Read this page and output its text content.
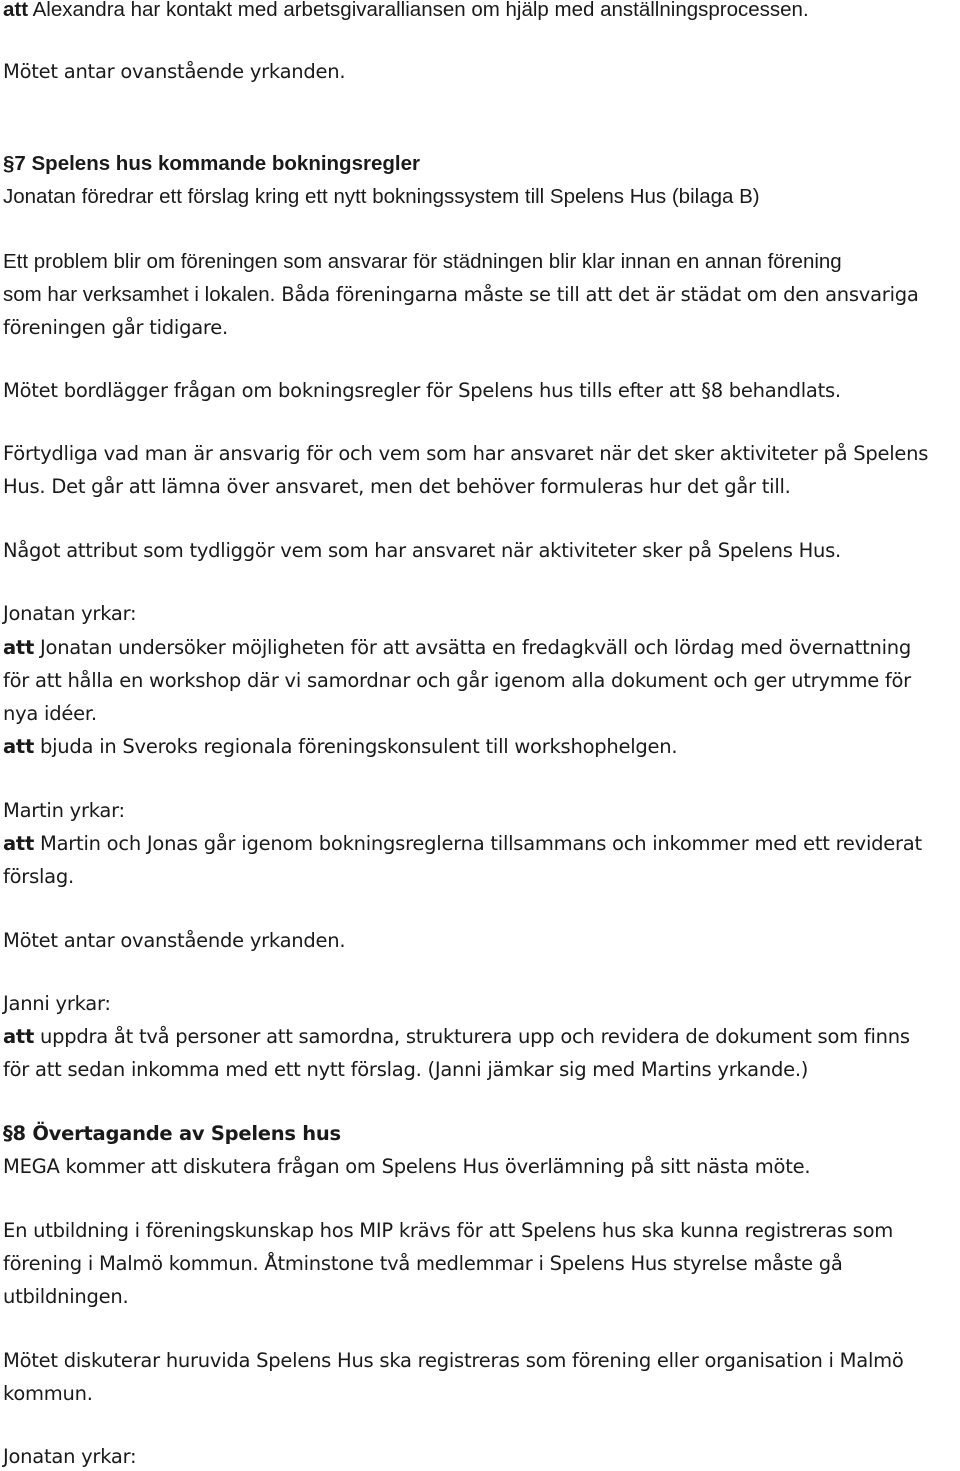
att Alexandra har kontakt med arbetsgivaralliansen om hjälp med anställningsprocessen.
Mötet antar ovanstående yrkanden.
§7 Spelens hus kommande bokningsregler
Jonatan föredrar ett förslag kring ett nytt bokningssystem till Spelens Hus (bilaga B)
Ett problem blir om föreningen som ansvarar för städningen blir klar innan en annan förening
som har verksamhet i lokalen. Båda föreningarna måste se till att det är städat om den ansvariga
föreningen går tidigare.
Mötet bordlägger frågan om bokningsregler för Spelens hus tills efter att §8 behandlats.
Förtydliga vad man är ansvarig för och vem som har ansvaret när det sker aktiviteter på Spelens
Hus. Det går att lämna över ansvaret, men det behöver formuleras hur det går till.
Något attribut som tydliggör vem som har ansvaret när aktiviteter sker på Spelens Hus.
Jonatan yrkar:
att Jonatan undersöker möjligheten för att avsätta en fredagkväll och lördag med övernattning
för att hålla en workshop där vi samordnar och går igenom alla dokument och ger utrymme för
nya idéer.
att bjuda in Sveroks regionala föreningskonsulent till workshophelgen.
Martin yrkar:
att Martin och Jonas går igenom bokningsreglerna tillsammans och inkommer med ett reviderat
förslag.
Mötet antar ovanstående yrkanden.
Janni yrkar:
att uppdra åt två personer att samordna, strukturera upp och revidera de dokument som finns
för att sedan inkomma med ett nytt förslag. (Janni jämkar sig med Martins yrkande.)
§8 Övertagande av Spelens hus
MEGA kommer att diskutera frågan om Spelens Hus överlämning på sitt nästa möte.
En utbildning i föreningskunskap hos MIP krävs för att Spelens hus ska kunna registreras som
förening i Malmö kommun. Åtminstone två medlemmar i Spelens Hus styrelse måste gå
utbildningen.
Mötet diskuterar huruvida Spelens Hus ska registreras som förening eller organisation i Malmö
kommun.
Jonatan yrkar:
